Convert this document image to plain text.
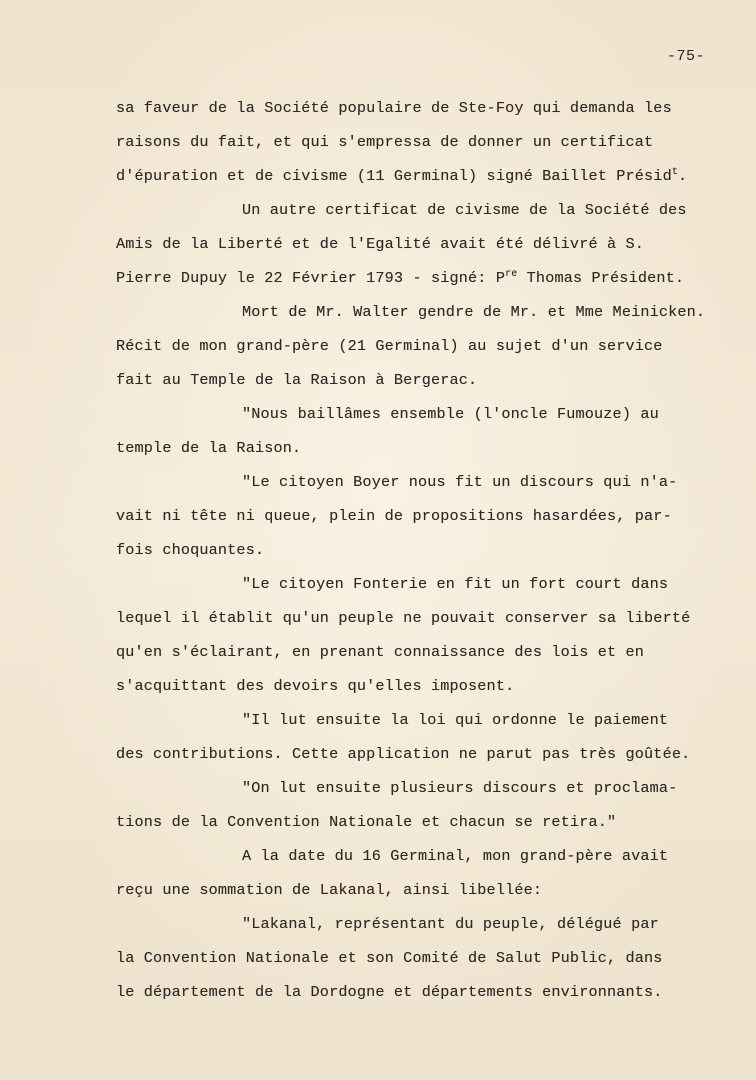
-75-
sa faveur de la Société populaire de Ste-Foy qui demanda les
raisons du fait, et qui s'empressa de donner un certificat
d'épuration et de civisme (11 Germinal) signé Baillet Présid$^t$.
Un autre certificat de civisme de la Société des
Amis de la Liberté et de l'Egalité avait été délivré à S.
Pierre Dupuy le 22 Février 1793 - signé: $P^{re}$ Thomas Président.
Mort de Mr. Walter gendre de Mr. et Mme Meinicken.
Récit de mon grand-père (21 Germinal) au sujet d'un service
fait au Temple de la Raison à Bergerac.
"Nous baillâmes ensemble (l'oncle Fumouze) au
temple de la Raison.
"Le citoyen Boyer nous fit un discours qui n'a-
vait ni tête ni queue, plein de propositions hasardées, par-
fois choquantes.
"Le citoyen Fonterie en fit un fort court dans
lequel il établit qu'un peuple ne pouvait conserver sa liberté
qu'en s'éclairant, en prenant connaissance des lois et en
s'acquittant des devoirs qu'elles imposent.
"Il lut ensuite la loi qui ordonne le paiement
des contributions. Cette application ne parut pas très goûtée.
"On lut ensuite plusieurs discours et proclama-
tions de la Convention Nationale et chacun se retira."
A la date du 16 Germinal, mon grand-père avait
reçu une sommation de Lakanal, ainsi libellée:
"Lakanal, représentant du peuple, délégué par
la Convention Nationale et son Comité de Salut Public, dans
le département de la Dordogne et départements environnants.
